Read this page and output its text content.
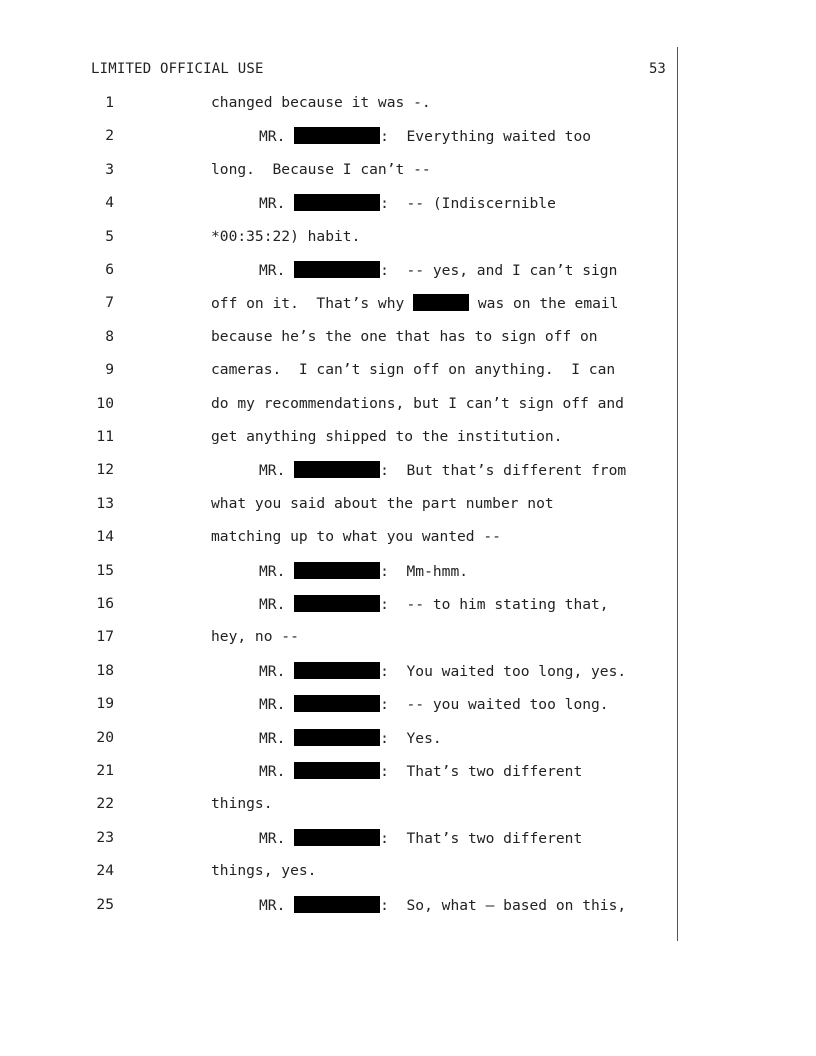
LIMITED OFFICIAL USE	53
1	changed because it was -.
2	MR.	:  Everything waited too
3	long.  Because I can’t --
4	MR.	:  -- (Indiscernible
5	*00:35:22) habit.
6	MR.	:  -- yes, and I can’t sign
7	off on it.  That’s why	was on the email
8	because he’s the one that has to sign off on
9	cameras.  I can’t sign off on anything.  I can
10	do my recommendations, but I can’t sign off and
11	get anything shipped to the institution.
12	MR.	:  But that’s different from
13	what you said about the part number not
14	matching up to what you wanted --
15	MR.	:  Mm-hmm.
16	MR.	:  -- to him stating that,
17	hey, no --
18	MR.	:  You waited too long, yes.
19	MR.	:  -- you waited too long.
20	MR.	:  Yes.
21	MR.	:  That’s two different
22	things.
23	MR.	:  That’s two different
24	things, yes.
25	MR.	:  So, what – based on this,
